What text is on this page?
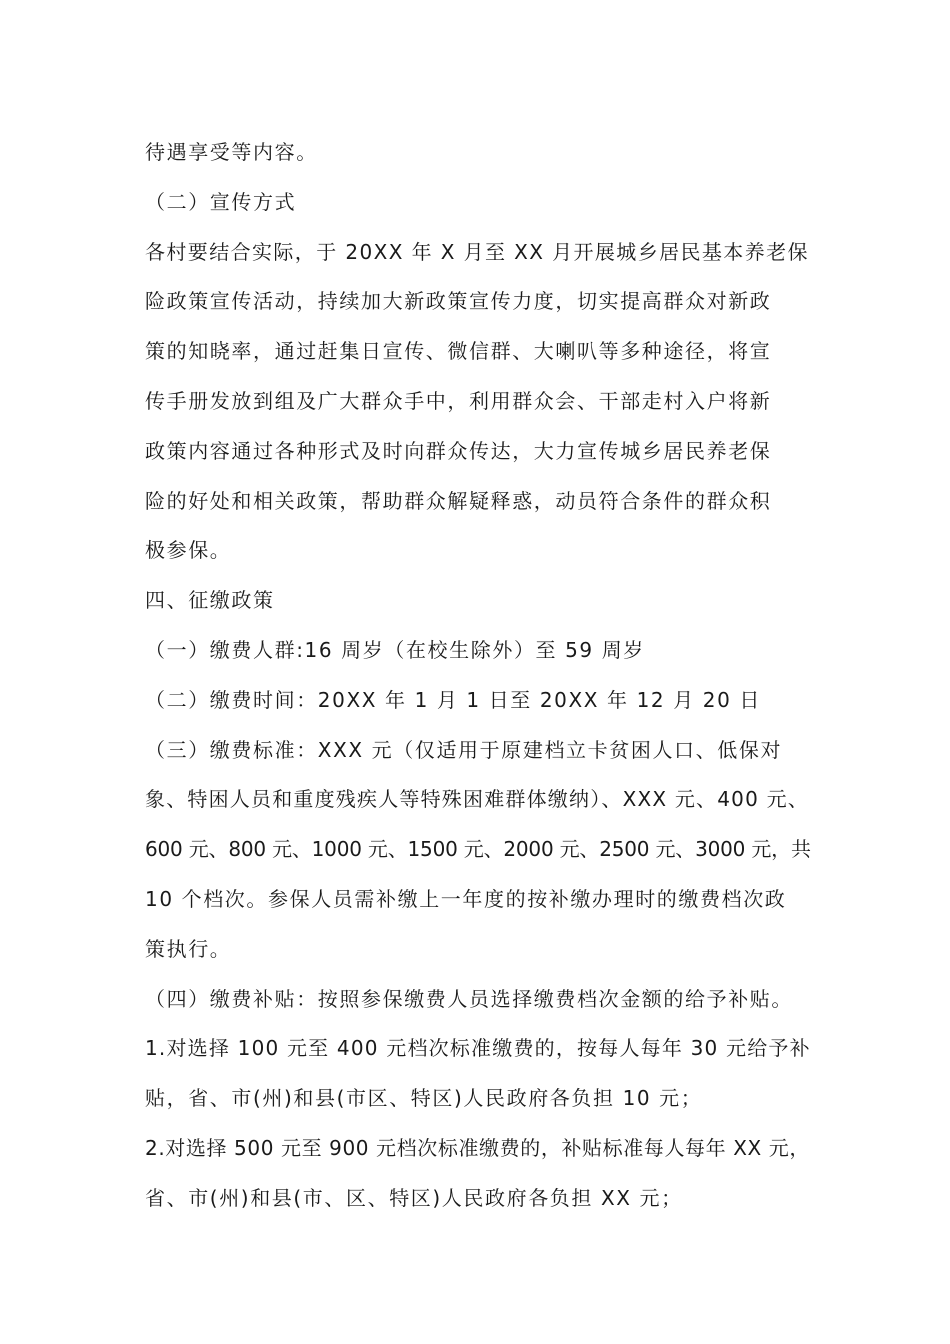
待遇享受等内容。
（二）宣传方式
各村要结合实际，于 20XX 年 X 月至 XX 月开展城乡居民基本养老保
险政策宣传活动，持续加大新政策宣传力度，切实提高群众对新政
策的知晓率，通过赶集日宣传、微信群、大喇叭等多种途径，将宣
传手册发放到组及广大群众手中，利用群众会、干部走村入户将新
政策内容通过各种形式及时向群众传达，大力宣传城乡居民养老保
险的好处和相关政策，帮助群众解疑释惑，动员符合条件的群众积
极参保。
四、征缴政策
（一）缴费人群:16 周岁（在校生除外）至 59 周岁
（二）缴费时间：20XX 年 1 月 1 日至 20XX 年 12 月 20 日
（三）缴费标准：XXX 元（仅适用于原建档立卡贫困人口、低保对
象、特困人员和重度残疾人等特殊困难群体缴纳）、XXX 元、400 元、
600 元、800 元、1000 元、1500 元、2000 元、2500 元、3000 元，共
10 个档次。参保人员需补缴上一年度的按补缴办理时的缴费档次政
策执行。
（四）缴费补贴：按照参保缴费人员选择缴费档次金额的给予补贴。
1.对选择 100 元至 400 元档次标准缴费的，按每人每年 30 元给予补
贴，省、市(州)和县(市区、特区)人民政府各负担 10 元；
2.对选择 500 元至 900 元档次标准缴费的，补贴标准每人每年 XX 元，
省、市(州)和县(市、区、特区)人民政府各负担 XX 元；
